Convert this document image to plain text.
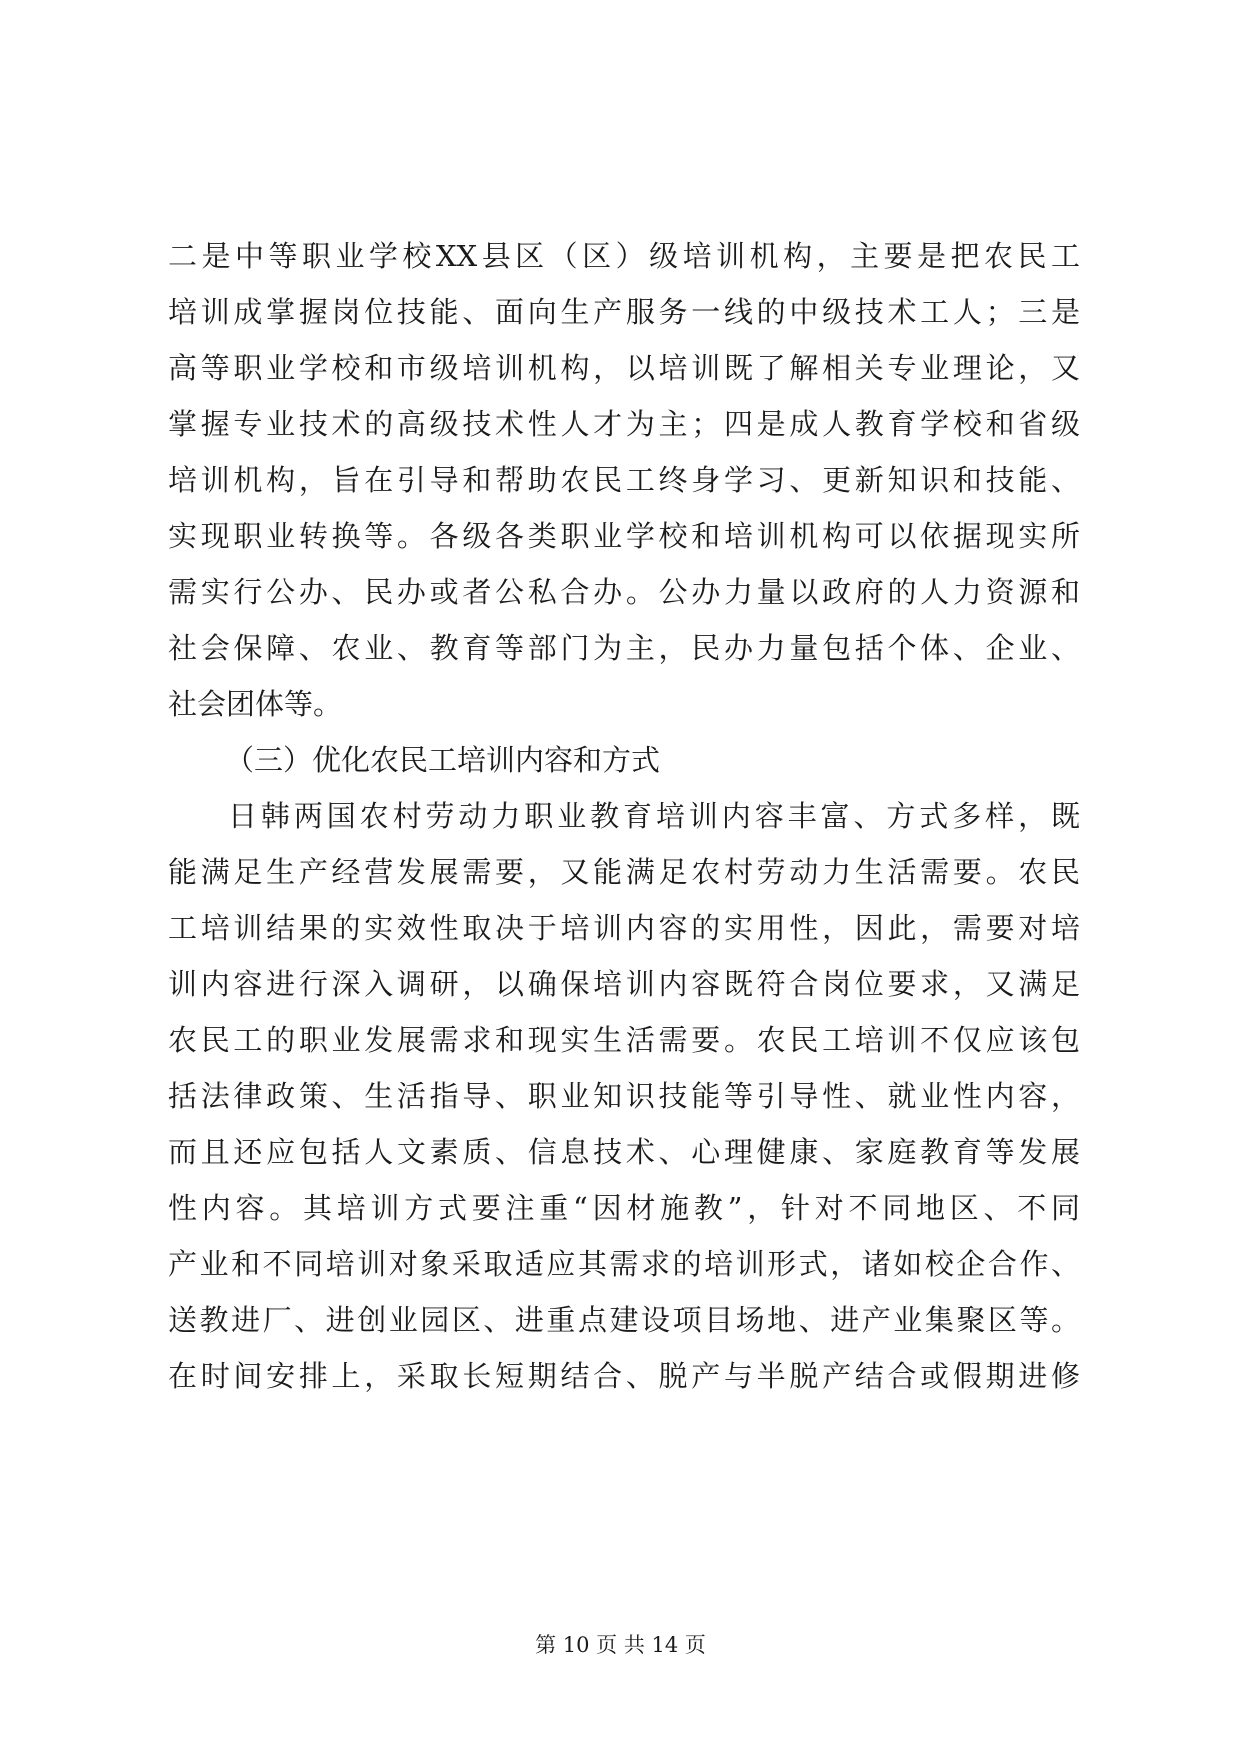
二是中等职业学校XX县区（区）级培训机构，主要是把农民工
培训成掌握岗位技能、面向生产服务一线的中级技术工人；三是
高等职业学校和市级培训机构，以培训既了解相关专业理论，又
掌握专业技术的高级技术性人才为主；四是成人教育学校和省级
培训机构，旨在引导和帮助农民工终身学习、更新知识和技能、
实现职业转换等。各级各类职业学校和培训机构可以依据现实所
需实行公办、民办或者公私合办。公办力量以政府的人力资源和
社会保障、农业、教育等部门为主，民办力量包括个体、企业、
社会团体等。
（三）优化农民工培训内容和方式
日韩两国农村劳动力职业教育培训内容丰富、方式多样，既
能满足生产经营发展需要，又能满足农村劳动力生活需要。农民
工培训结果的实效性取决于培训内容的实用性，因此，需要对培
训内容进行深入调研，以确保培训内容既符合岗位要求，又满足
农民工的职业发展需求和现实生活需要。农民工培训不仅应该包
括法律政策、生活指导、职业知识技能等引导性、就业性内容，
而且还应包括人文素质、信息技术、心理健康、家庭教育等发展
性内容。其培训方式要注重“因材施教”，针对不同地区、不同
产业和不同培训对象采取适应其需求的培训形式，诸如校企合作、
送教进厂、进创业园区、进重点建设项目场地、进产业集聚区等。
在时间安排上，采取长短期结合、脱产与半脱产结合或假期进修
第 10 页 共 14 页
